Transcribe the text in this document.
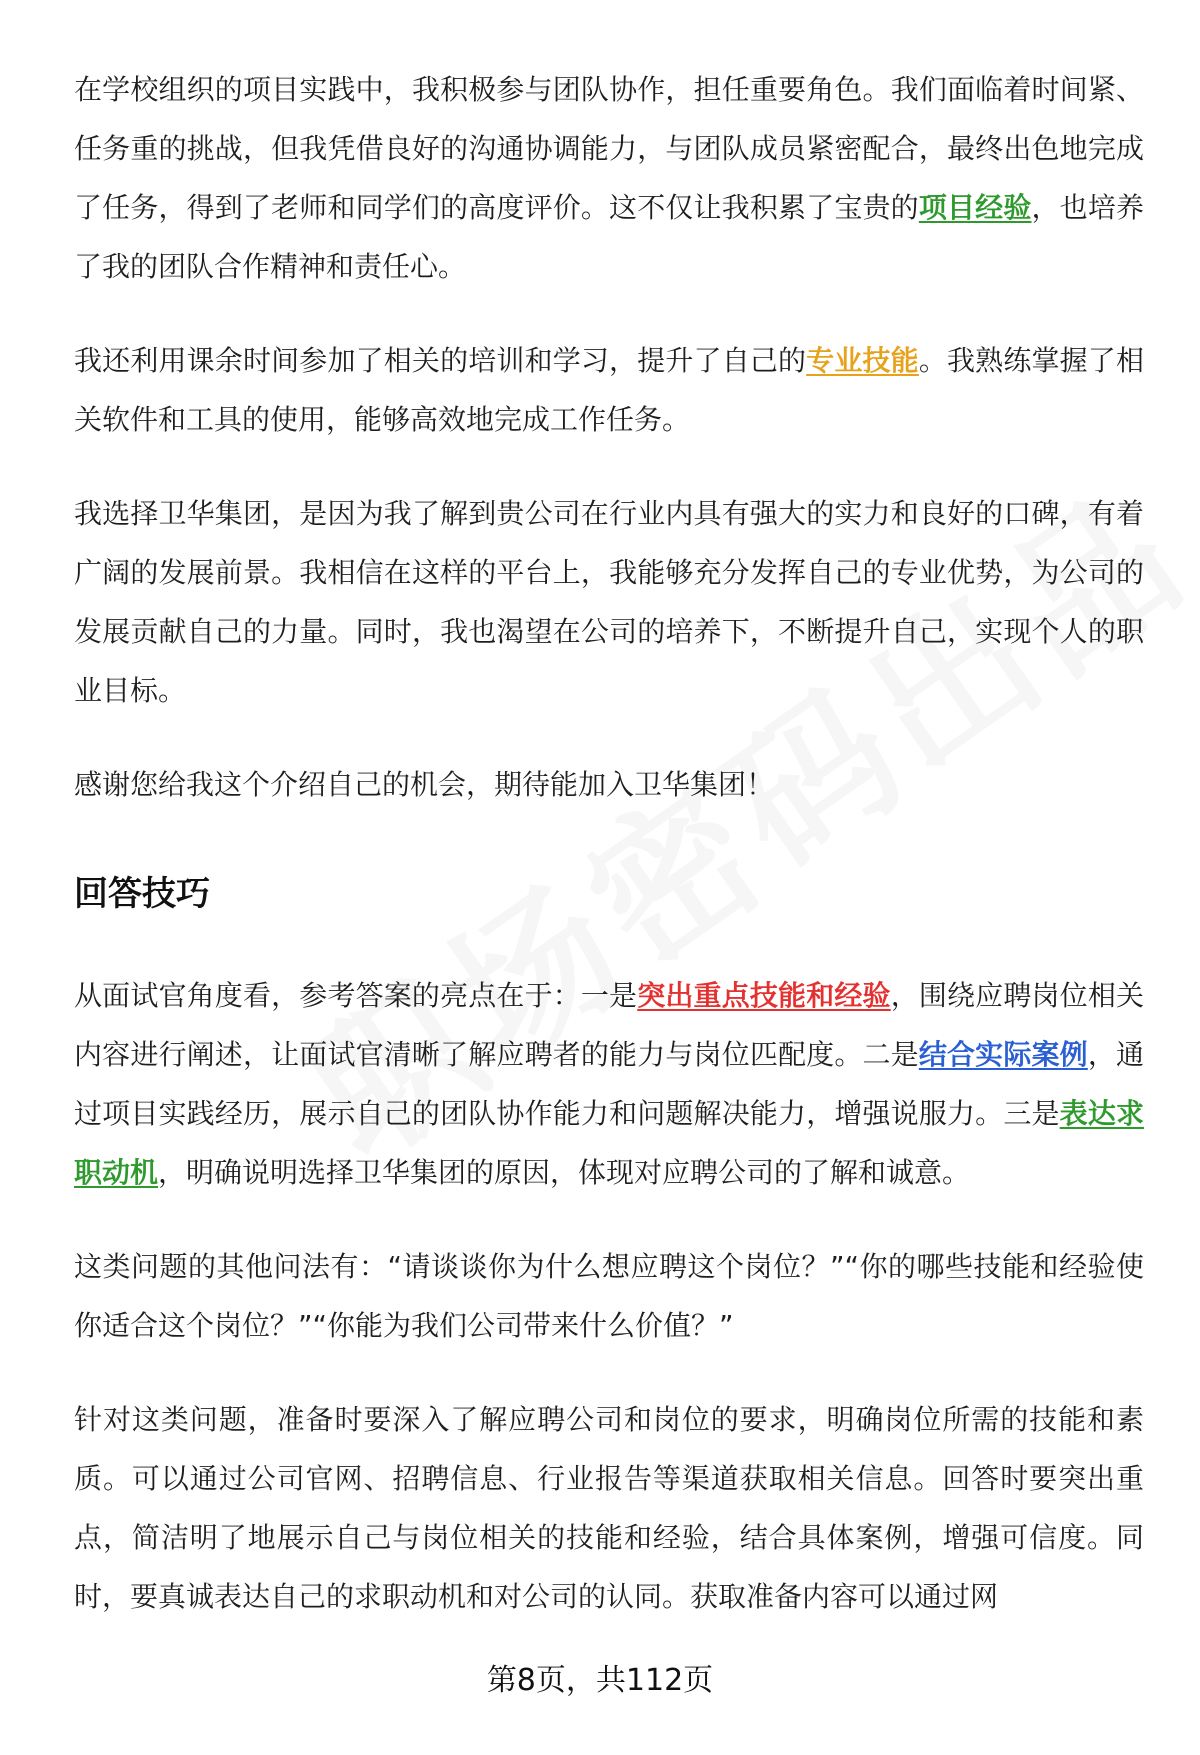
在学校组织的项目实践中，我积极参与团队协作，担任重要角色。我们面临着时间紧、任务重的挑战，但我凭借良好的沟通协调能力，与团队成员紧密配合，最终出色地完成了任务，得到了老师和同学们的高度评价。这不仅让我积累了宝贵的项目经验，也培养了我的团队合作精神和责任心。

我还利用课余时间参加了相关的培训和学习，提升了自己的专业技能。我熟练掌握了相关软件和工具的使用，能够高效地完成工作任务。

我选择卫华集团，是因为我了解到贵公司在行业内具有强大的实力和良好的口碑，有着广阔的发展前景。我相信在这样的平台上，我能够充分发挥自己的专业优势，为公司的发展贡献自己的力量。同时，我也渴望在公司的培养下，不断提升自己，实现个人的职业目标。

感谢您给我这个介绍自己的机会，期待能加入卫华集团！

回答技巧

从面试官角度看，参考答案的亮点在于：一是突出重点技能和经验，围绕应聘岗位相关内容进行阐述，让面试官清晰了解应聘者的能力与岗位匹配度。二是结合实际案例，通过项目实践经历，展示自己的团队协作能力和问题解决能力，增强说服力。三是表达求职动机，明确说明选择卫华集团的原因，体现对应聘公司的了解和诚意。

这类问题的其他问法有：“请谈谈你为什么想应聘这个岗位？”“你的哪些技能和经验使你适合这个岗位？”“你能为我们公司带来什么价值？”

针对这类问题，准备时要深入了解应聘公司和岗位的要求，明确岗位所需的技能和素质。可以通过公司官网、招聘信息、行业报告等渠道获取相关信息。回答时要突出重点，简洁明了地展示自己与岗位相关的技能和经验，结合具体案例，增强可信度。同时，要真诚表达自己的求职动机和对公司的认同。获取准备内容可以通过网

第8页，共112页
